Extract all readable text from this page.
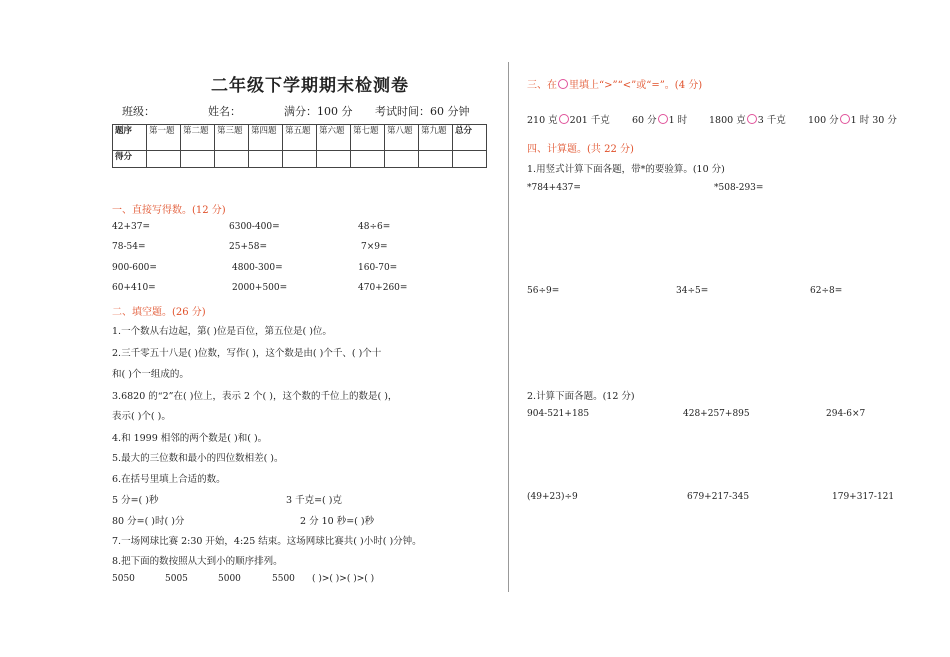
二年级下学期期末检测卷
班级：	姓名：	满分：100 分 考试时间：60 分钟
题序	第一题	第二题	第三题	第四题	第五题	第六题	第七题	第八题	第九题	总分
得分										
一、直接写得数。(12 分)
42+37=	6300-400=	48÷6=
78-54=	25+58=	7×9=
900-600=	4800-300=	160-70=
60+410=	2000+500=	470+260=
二、填空题。(26 分)
1.一个数从右边起，第( )位是百位，第五位是( )位。
2.三千零五十八是( )位数，写作( )，这个数是由( )个千、( )个十
和( )个一组成的。
3.6820 的“2”在( )位上，表示 2 个( )，这个数的千位上的数是( )，
表示( )个( )。
4.和 1999 相邻的两个数是( )和( )。
5.最大的三位数和最小的四位数相差( )。
6.在括号里填上合适的数。
5 分=( )秒	3 千克=( )克
80 分=( )时( )分	2 分 10 秒=( )秒
7.一场网球比赛 2:30 开始，4:25 结束。这场网球比赛共( )小时( )分钟。
8.把下面的数按照从大到小的顺序排列。
5050	5005	5000	5500 ( )>( )>( )>( )
三、在 里填上“>”“<”或“=”。(4 分)
210 克 201 千克 60 分 1 时 1800 克 3 千克 100 分 1 时 30 分
四、计算题。(共 22 分)
1.用竖式计算下面各题，带*的要验算。(10 分)
*784+437=	*508-293=
56÷9=	34÷5=	62÷8=
2.计算下面各题。(12 分)
904-521+185	428+257+895	294-6×7
(49+23)÷9	679+217-345	179+317-121
